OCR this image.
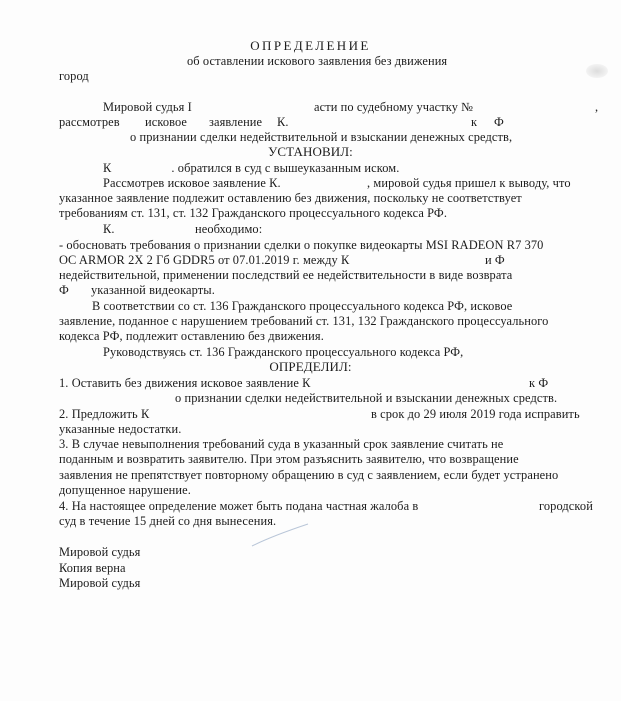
ОПРЕДЕЛЕНИЕ
об оставлении искового заявления без движения
город
Мировой судья I	асти по судебному участку №	,
рассмотрев исковое заявление К.	к Ф
о признании сделки недействительной и взыскании денежных средств,
УСТАНОВИЛ:
К	. обратился в суд с вышеуказанным иском.
Рассмотрев исковое заявление К.	, мировой судья пришел к выводу, что
указанное заявление подлежит оставлению без движения, поскольку не соответствует
требованиям ст. 131, ст. 132 Гражданского процессуального кодекса РФ.
К.	необходимо:
- обосновать требования о признании сделки о покупке видеокарты MSI RADEON R7 370
OC ARMOR 2X 2 Гб GDDR5 от 07.01.2019 г. между К	и Ф
недействительной, применении последствий ее недействительности в виде возврата
Ф указанной видеокарты.
В соответствии со ст. 136 Гражданского процессуального кодекса РФ, исковое
заявление, поданное с нарушением требований ст. 131, 132 Гражданского процессуального
кодекса РФ, подлежит оставлению без движения.
Руководствуясь ст. 136 Гражданского процессуального кодекса РФ,
ОПРЕДЕЛИЛ:
1. Оставить без движения исковое заявление К	к Ф
о признании сделки недействительной и взыскании денежных средств.
2. Предложить К	в срок до 29 июля 2019 года исправить
указанные недостатки.
3. В случае невыполнения требований суда в указанный срок заявление считать не
поданным и возвратить заявителю. При этом разъяснить заявителю, что возвращение
заявления не препятствует повторному обращению в суд с заявлением, если будет устранено
допущенное нарушение.
4. На настоящее определение может быть подана частная жалоба в	городской
суд в течение 15 дней со дня вынесения.
Мировой судья
Копия верна
Мировой судья
